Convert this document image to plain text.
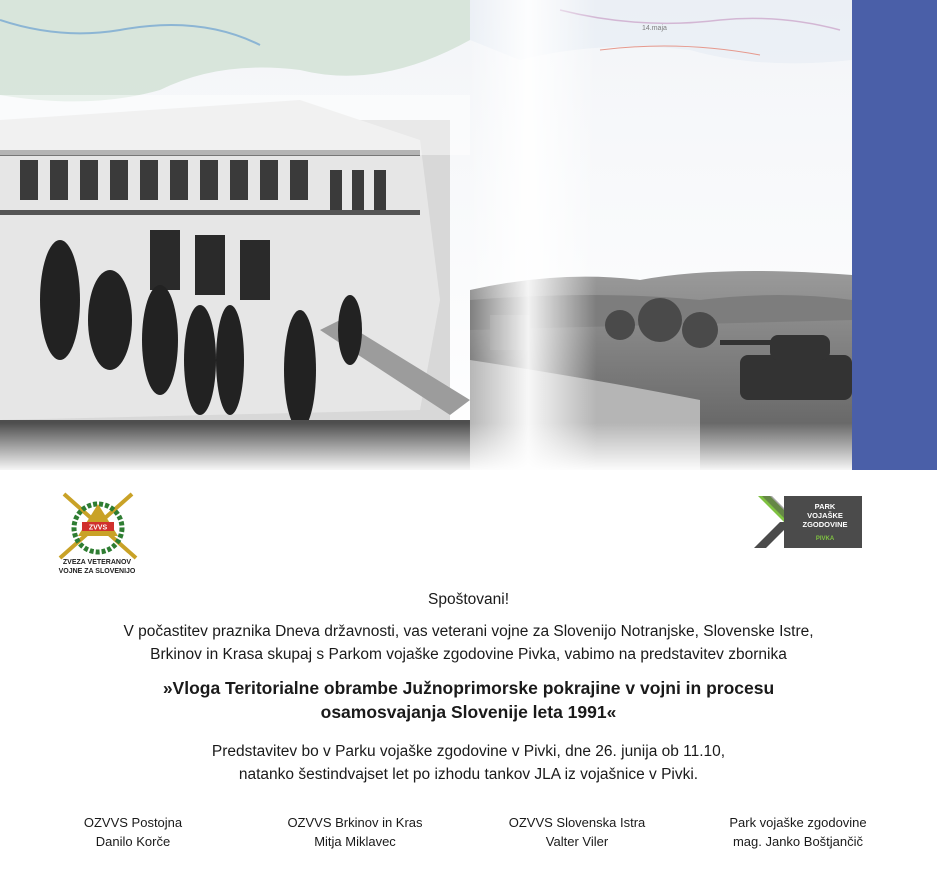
ZVVS
ZVEZA VETERANOV
VOJNE ZA SLOVENIJO
PARK
VOJAŠKE
ZGODOVINE
PIVKA
Spoštovani!
V počastitev praznika Dneva državnosti, vas veterani vojne za Slovenijo Notranjske, Slovenske Istre,
Brkinov in Krasa skupaj s Parkom vojaške zgodovine Pivka, vabimo na predstavitev zbornika
»Vloga Teritorialne obrambe Južnoprimorske pokrajine v vojni in procesu
osamosvajanja Slovenije leta 1991«
Predstavitev bo v Parku vojaške zgodovine v Pivki, dne 26. junija ob 11.10,
natanko šestindvajset let po izhodu tankov JLA iz vojašnice v Pivki.
OZVVS Postojna
Danilo Korče
OZVVS Brkinov in Kras
Mitja Miklavec
OZVVS Slovenska Istra
Valter Viler
Park vojaške zgodovine
mag. Janko Boštjančič
